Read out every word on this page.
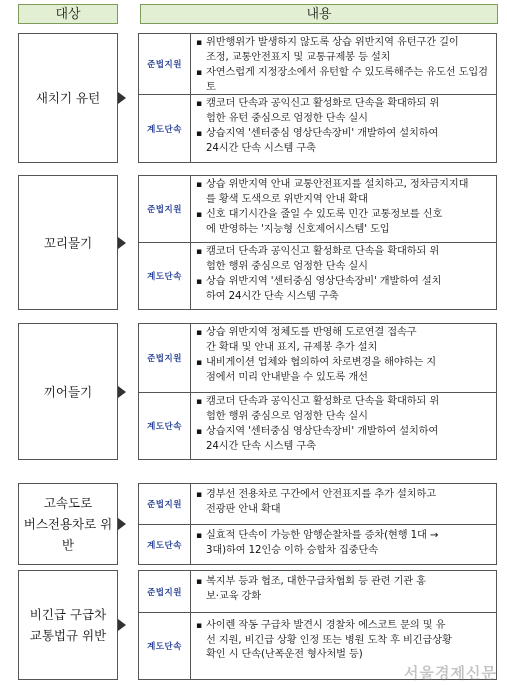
대상	내용
새치기 유턴
준법지원
▪ 위반행위가 발생하지 않도록 상습 위반지역 유턴구간 길이
조정, 교통안전표지 및 교통규제봉 등 설치
▪ 자연스럽게 지정장소에서 유턴할 수 있도록해주는 유도선 도입검
토
계도단속
▪ 캠코더 단속과 공익신고 활성화로 단속을 확대하되 위
험한 유턴 중심으로 엄정한 단속 실시
▪ 상습지역 '센터중심 영상단속장비' 개발하여 설치하여
24시간 단속 시스템 구축
꼬리물기
준법지원
▪ 상습 위반지역 안내 교통안전표지를 설치하고, 정차금지지대
를 황색 도색으로 위반지역 안내 확대
▪ 신호 대기시간을 줄일 수 있도록 민간 교통정보를 신호
에 반영하는 '지능형 신호제어시스템' 도입
계도단속
▪ 캠코더 단속과 공익신고 활성화로 단속을 확대하되 위
험한 행위 중심으로 엄정한 단속 실시
▪ 상습 위반지역 '센터중심 영상단속장비' 개발하여 설치
하여 24시간 단속 시스템 구축
끼어들기
준법지원
▪ 상습 위반지역 정체도를 반영해 도로연결 접속구
간 확대 및 안내 표지, 규제봉 추가 설치
▪ 내비게이션 업체와 협의하여 차로변경을 해야하는 지
점에서 미리 안내받을 수 있도록 개선
계도단속
▪ 캠코더 단속과 공익신고 활성화로 단속을 확대하되 위
험한 행위 중심으로 엄정한 단속 실시
▪ 상습지역 '센터중심 영상단속장비' 개발하여 설치하여
24시간 단속 시스템 구축
고속도로
버스전용차로 위반
준법지원
▪ 경부선 전용차로 구간에서 안전표지를 추가 설치하고
전광판 안내 확대
계도단속
▪ 실효적 단속이 가능한 암행순찰차를 증차(현행 1대 →
3대)하여 12인승 이하 승합차 집중단속
비긴급 구급차
교통법규 위반
준법지원
▪ 복지부 등과 협조, 대한구급차협회 등 관련 기관 홍
보·교육 강화
계도단속
▪ 사이렌 작동 구급차 발견시 경찰차 에스코트 문의 및 유
선 지원, 비긴급 상황 인정 또는 병원 도착 후 비긴급상황
확인 시 단속(난폭운전 형사처벌 등)
서울경제신문
